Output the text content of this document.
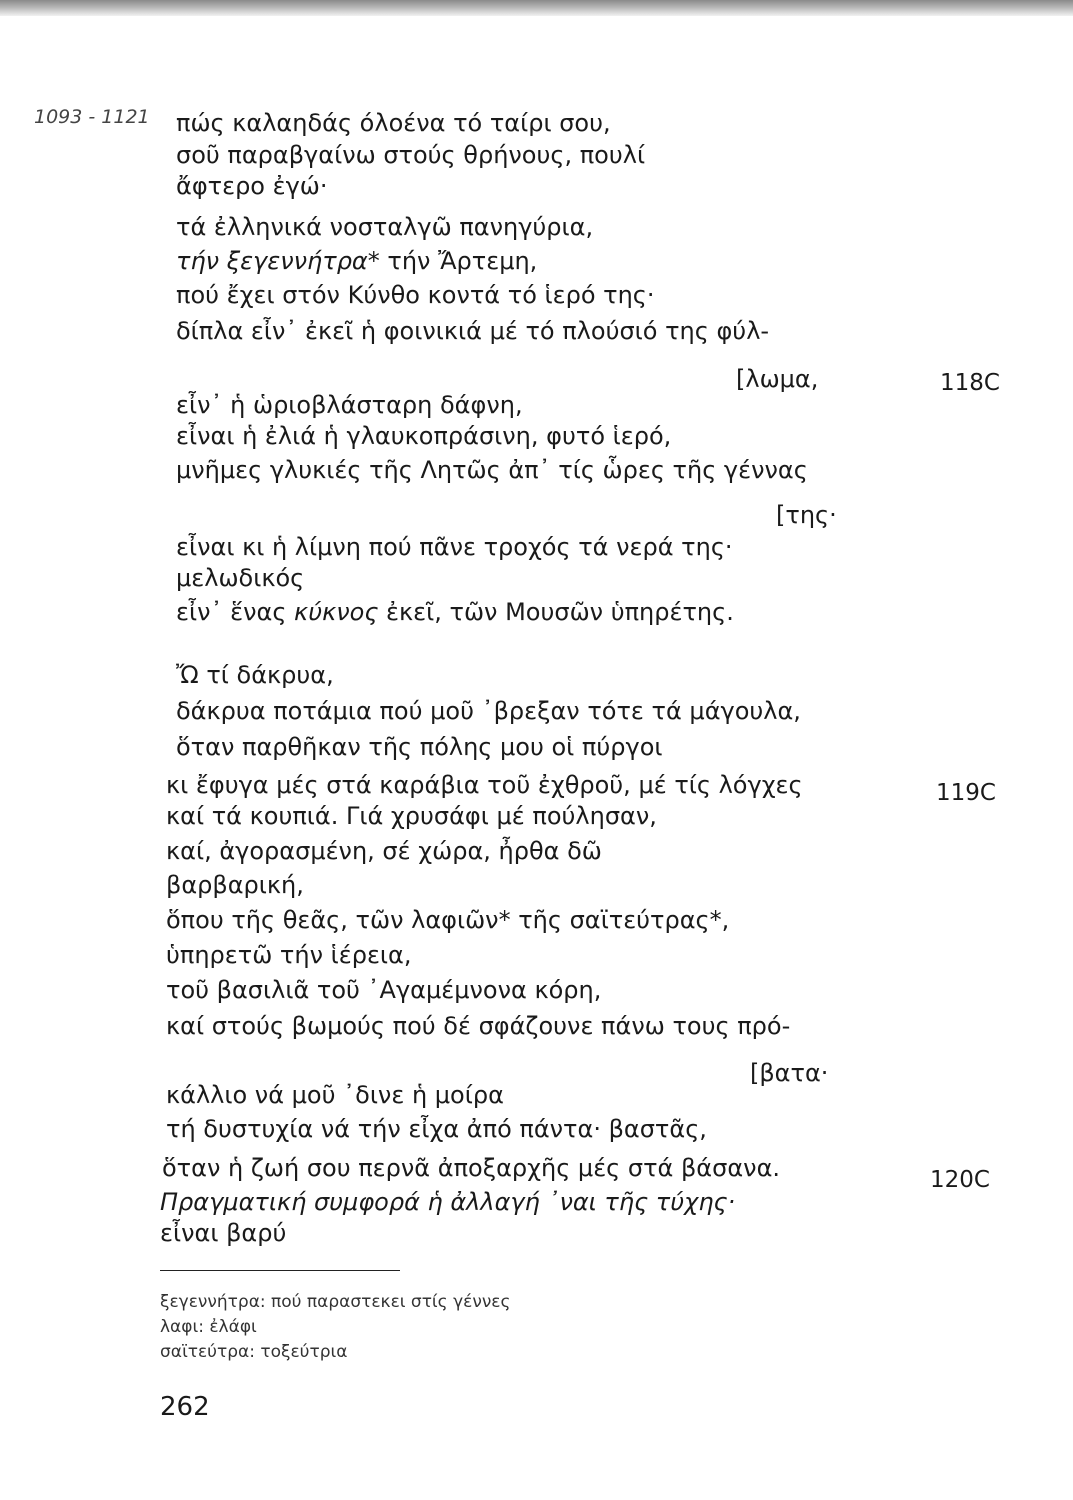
1093 - 1121 πώς καλαηδάς όλοένα τό ταίρι σου,
σοῦ παραβγαίνω στούς θρήνους, πουλί
ἄφτερο ἐγώ·
τά ἐλληνικά νοσταλγῶ πανηγύρια,
τήν ξεγεννήτρα* τήν Ἄρτεμη,
πού ἔχει στόν Κύνθο κοντά τό ἱερό της·
δίπλα εἶν᾿ ἐκεῖ ἡ φοινικιά μέ τό πλούσιό της φύλ-
[λωμα,
εἶν᾿ ἡ ὡριοβλάσταρη δάφνη,
εἶναι ἡ ἐλιά ἡ γλαυκοπράσινη, φυτό ἱερό,
μνῆμες γλυκιές τῆς Λητῶς ἀπ᾿ τίς ὧρες τῆς γέννας
[της·
εἶναι κι ἡ λίμνη πού πᾶνε τροχός τά νερά της·
μελωδικός
εἶν᾿ ἕνας κύκνος ἐκεῖ, τῶν Μουσῶν ὑπηρέτης.
Ὤ τί δάκρυα,
δάκρυα ποτάμια πού μοῦ ᾿βρεξαν τότε τά μάγουλα,
ὅταν παρθῆκαν τῆς πόλης μου οἱ πύργοι
κι ἔφυγα μές στά καράβια τοῦ ἐχθροῦ, μέ τίς λόγχες
καί τά κουπιά. Γιά χρυσάφι μέ πούλησαν,
καί, ἀγορασμένη, σέ χώρα, ἦρθα δῶ
βαρβαρική,
ὅπου τῆς θεᾶς, τῶν λαφιῶν* τῆς σαϊτεύτρας*,
ὑπηρετῶ τήν ἱέρεια,
τοῦ βασιλιᾶ τοῦ ᾿Αγαμέμνονα κόρη,
καί στούς βωμούς πού δέ σφάζουνε πάνω τους πρό-
[βατα·
κάλλιο νά μοῦ ᾿δινε ἡ μοίρα
τή δυστυχία νά τήν εἶχα ἀπό πάντα· βαστᾶς,
ὅταν ἡ ζωή σου περνᾶ ἀποξαρχῆς μές στά βάσανα.
Πραγματική συμφορά ἡ ἀλλαγή ᾿ναι τῆς τύχης·
εἶναι βαρύ
118C
119C
120C
ξεγεννήτρα: πού παραστεκει στίς γέννες
λαφι: ἐλάφι
σαϊτεύτρα: τοξεύτρια
262
